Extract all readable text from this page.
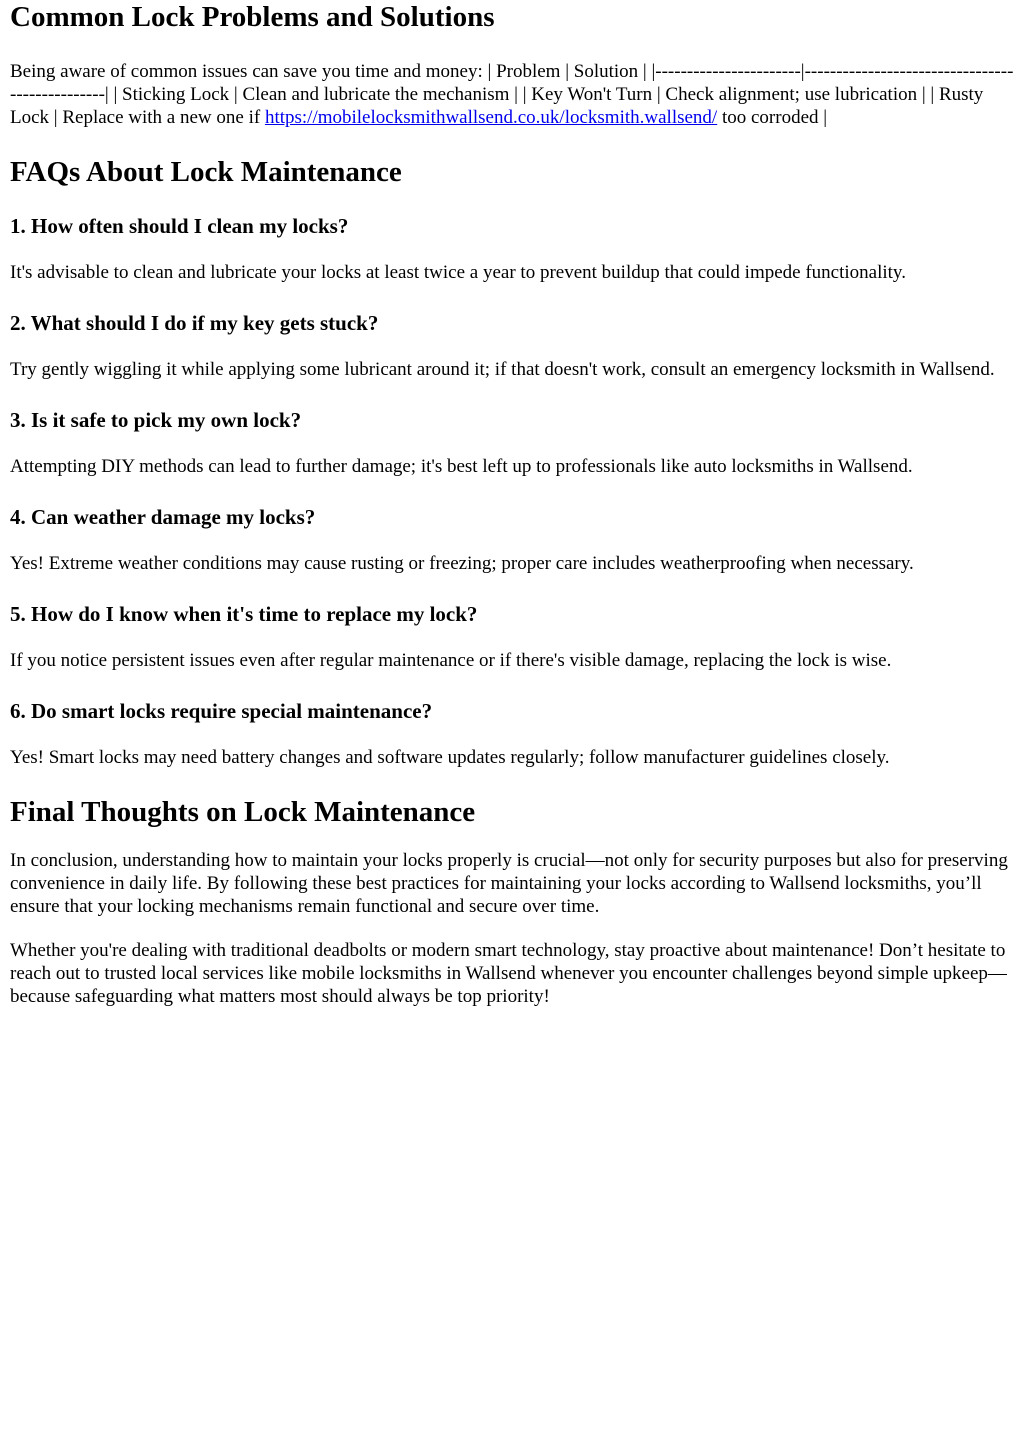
Common Lock Problems and Solutions

Being aware of common issues can save you time and money: | Problem | Solution | |-----------------------|------------------------------------------------| | Sticking Lock | Clean and lubricate the mechanism | | Key Won't Turn | Check alignment; use lubrication | | Rusty Lock | Replace with a new one if https://mobilelocksmithwallsend.co.uk/locksmith.wallsend/ too corroded |

FAQs About Lock Maintenance
1. How often should I clean my locks?

It's advisable to clean and lubricate your locks at least twice a year to prevent buildup that could impede functionality.

2. What should I do if my key gets stuck?

Try gently wiggling it while applying some lubricant around it; if that doesn't work, consult an emergency locksmith in Wallsend.

3. Is it safe to pick my own lock?

Attempting DIY methods can lead to further damage; it's best left up to professionals like auto locksmiths in Wallsend.

4. Can weather damage my locks?

Yes! Extreme weather conditions may cause rusting or freezing; proper care includes weatherproofing when necessary.

5. How do I know when it's time to replace my lock?

If you notice persistent issues even after regular maintenance or if there's visible damage, replacing the lock is wise.

6. Do smart locks require special maintenance?

Yes! Smart locks may need battery changes and software updates regularly; follow manufacturer guidelines closely.

Final Thoughts on Lock Maintenance

In conclusion, understanding how to maintain your locks properly is crucial—not only for security purposes but also for preserving convenience in daily life. By following these best practices for maintaining your locks according to Wallsend locksmiths, you’ll ensure that your locking mechanisms remain functional and secure over time.

Whether you're dealing with traditional deadbolts or modern smart technology, stay proactive about maintenance! Don’t hesitate to reach out to trusted local services like mobile locksmiths in Wallsend whenever you encounter challenges beyond simple upkeep—because safeguarding what matters most should always be top priority!
